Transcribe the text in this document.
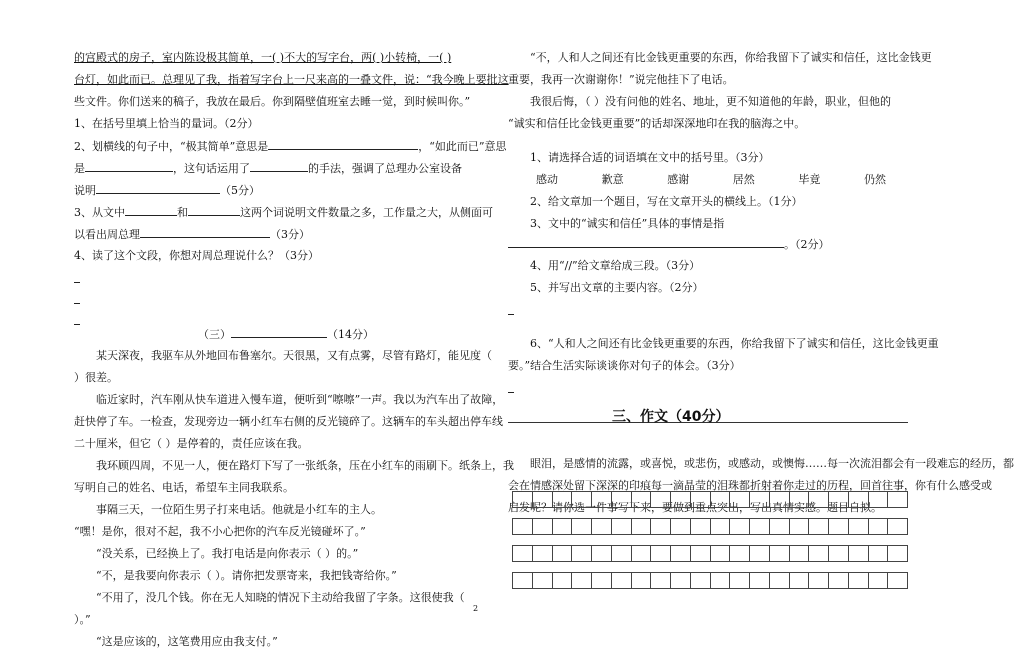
的宫殿式的房子，室内陈设极其简单，一( )不大的写字台，两( )小转椅，一( )
台灯，如此而已。总理见了我，指着写字台上一尺来高的一叠文件，说：“我今晚上要批这
些文件。你们送来的稿子，我放在最后。你到隔壁值班室去睡一觉，到时候叫你。”
1、在括号里填上恰当的量词。（2分）
2、划横线的句子中，“极其简单”意思是	，“如此而已”意思
是	，这句话运用了	的手法，强调了总理办公室设备
说明	（5分）
3、从文中	和	这两个词说明文件数量之多，工作量之大，从侧面可
以看出周总理	（3分）
4、读了这个文段，你想对周总理说什么？（3分）
（三）	（14分）
某天深夜，我驱车从外地回布鲁塞尔。天很黑，又有点雾，尽管有路灯，能见度（
）很差。
临近家时，汽车刚从快车道进入慢车道，便听到“嚓嚓”一声。我以为汽车出了故障，
赶快停了车。一检查，发现旁边一辆小红车右侧的反光镜碎了。这辆车的车头超出停车线
二十厘米，但它（ ）是停着的，责任应该在我。
我环顾四周，不见一人，便在路灯下写了一张纸条，压在小红车的雨刷下。纸条上，我
写明自己的姓名、电话，希望车主同我联系。
事隔三天，一位陌生男子打来电话。他就是小红车的主人。
“嘿！是你，很对不起，我不小心把你的汽车反光镜碰坏了。”
“没关系，已经换上了。我打电话是向你表示（ ）的。”
“不，是我要向你表示（ ）。请你把发票寄来，我把钱寄给你。”
“不用了，没几个钱。你在无人知晓的情况下主动给我留了字条。这很使我（
）。”
“这是应该的，这笔费用应由我支付。”
“不，人和人之间还有比金钱更重要的东西，你给我留下了诚实和信任，这比金钱更
重要，我再一次谢谢你！”说完他挂下了电话。
我很后悔，（ ）没有问他的姓名、地址，更不知道他的年龄，职业，但他的
“诚实和信任比金钱更重要”的话却深深地印在我的脑海之中。
1、请选择合适的词语填在文中的括号里。（3分）
感动	歉意	感谢	居然	毕竟	仍然
2、给文章加一个题目，写在文章开头的横线上。（1分）
3、文中的“诚实和信任”具体的事情是指
。（2分）
4、用“//”给文章给成三段。（3分）
5、并写出文章的主要内容。（2分）
6、“人和人之间还有比金钱更重要的东西，你给我留下了诚实和信任，这比金钱更重
要。”结合生活实际谈谈你对句子的体会。（3分）
眼泪，是感情的流露，或喜悦，或悲伤，或感动，或懊悔……每一次流泪都会有一段难忘的经历，都
会在情感深处留下深深的印痕每一滴晶莹的泪珠都折射着你走过的历程，回首往事，你有什么感受或
启发呢？请你选一件事写下来，要做到重点突出，写出真情实感。题目自拟。
三、作文（40分）
2
